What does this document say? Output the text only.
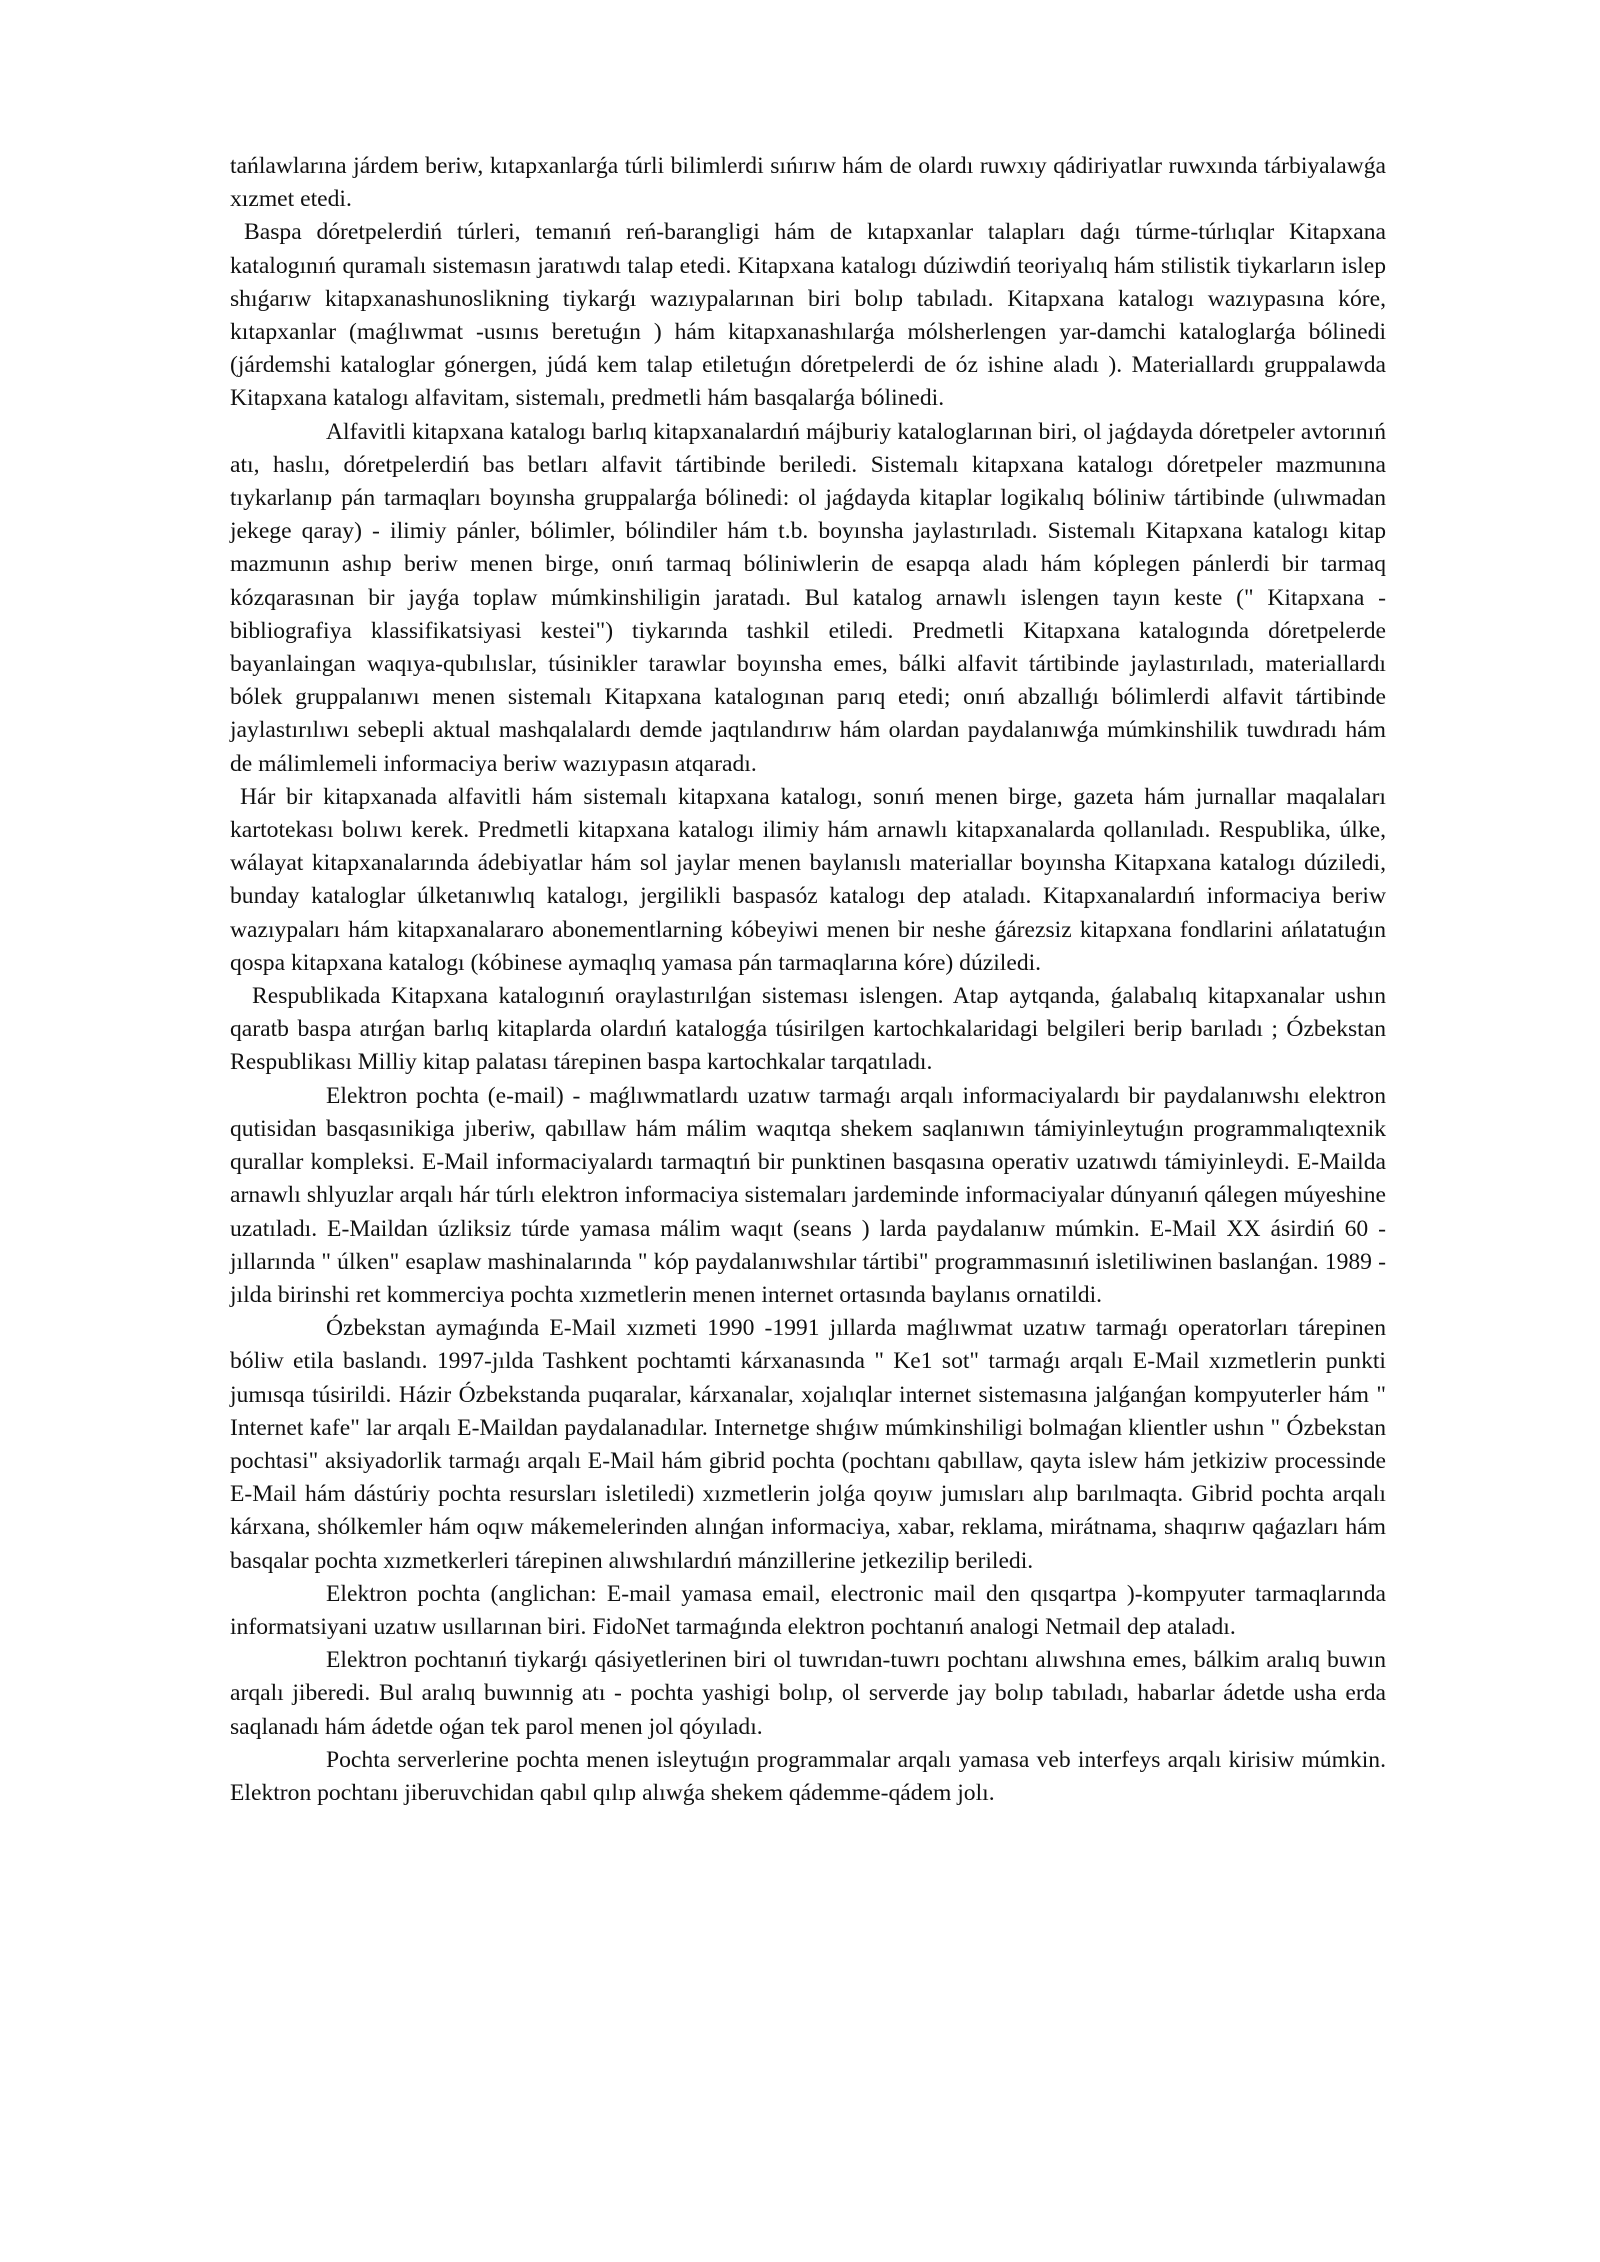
tańlawlarına járdem beriw, kıtapxanlarǵa túrli bilimlerdi sıńırıw hám de olardı ruwxıy qádiriyatlar ruwxında tárbiyalawǵa xızmet etedi.

Baspa dóretpelerdiń túrleri, temanıń reń-barangligi hám de kıtapxanlar talapları daǵı túrme-túrlıqlar Kitapxana katalogınıń quramalı sistemasın jaratıwdı talap etedi. Kitapxana katalogı dúziwdiń teoriyalıq hám stilistik tiykarların islep shıǵarıw kitapxanashunoslikning tiykarǵı wazıypalarınan biri bolıp tabıladı. Kitapxana katalogı wazıypasına kóre, kıtapxanlar (maǵlıwmat -usınıs beretuǵın ) hám kitapxanashılarǵa mólsherlengen yar-damchi kataloglarǵa bólinedi (járdemshi kataloglar gónergen, júdá kem talap etiletuǵın dóretpelerdi de óz ishine aladı ). Materiallardı gruppalawda Kitapxana katalogı alfavitam, sistemalı, predmetli hám basqalarǵa bólinedi.

Alfavitli kitapxana katalogı barlıq kitapxanalardıń májburiy kataloglarınan biri, ol jaǵdayda dóretpeler avtorınıń atı, haslıı, dóretpelerdiń bas betları alfavit tártibinde beriledi. Sistemalı kitapxana katalogı dóretpeler mazmunına tıykarlanıp pán tarmaqları boyınsha gruppalarǵa bólinedi: ol jaǵdayda kitaplar logikalıq bóliniw tártibinde (ulıwmadan jekege qaray) - ilimiy pánler, bólimler, bólindiler hám t.b. boyınsha jaylastırıladı. Sistemalı Kitapxana katalogı kitap mazmunın ashıp beriw menen birge, onıń tarmaq bóliniwlerin de esapqa aladı hám kóplegen pánlerdi bir tarmaq kózqarasınan bir jayǵa toplaw múmkinshiligin jaratadı. Bul katalog arnawlı islengen tayın keste (" Kitapxana -bibliografiya klassifikatsiyasi kestei") tiykarında tashkil etiledi. Predmetli Kitapxana katalogında dóretpelerde bayanlaingan waqıya-qubılıslar, túsinikler tarawlar boyınsha emes, bálki alfavit tártibinde jaylastırıladı, materiallardı bólek gruppalanıwı menen sistemalı Kitapxana katalogınan parıq etedi; onıń abzallıǵı bólimlerdi alfavit tártibinde jaylastırılıwı sebepli aktual mashqalalardı demde jaqtılandırıw hám olardan paydalanıwǵa múmkinshilik tuwdıradı hám de málimlemeli informaciya beriw wazıypasın atqaradı.

Hár bir kitapxanada alfavitli hám sistemalı kitapxana katalogı, sonıń menen birge, gazeta hám jurnallar maqalaları kartotekası bolıwı kerek. Predmetli kitapxana katalogı ilimiy hám arnawlı kitapxanalarda qollanıladı. Respublika, úlke, wálayat kitapxanalarında ádebiyatlar hám sol jaylar menen baylanıslı materiallar boyınsha Kitapxana katalogı dúziledi, bunday kataloglar úlketanıwlıq katalogı, jergilikli baspasóz katalogı dep ataladı. Kitapxanalardıń informaciya beriw wazıypaları hám kitapxanalararo abonementlarning kóbeyiwi menen bir neshe ǵárezsiz kitapxana fondlarini ańlatatuǵın qospa kitapxana katalogı (kóbinese aymaqlıq yamasa pán tarmaqlarına kóre) dúziledi.

Respublikada Kitapxana katalogınıń oraylastırılǵan sisteması islengen. Atap aytqanda, ǵalabalıq kitapxanalar ushın qaratb baspa atırǵan barlıq kitaplarda olardıń katalogǵa túsirilgen kartochkalaridagi belgileri berip barıladı ; Ózbekstan Respublikası Milliy kitap palatası tárepinen baspa kartochkalar tarqatıladı.

Elektron pochta (e-mail) - maǵlıwmatlardı uzatıw tarmaǵı arqalı informaciyalardı bir paydalanıwshı elektron qutisidan basqasınikiga jıberiw, qabıllaw hám málim waqıtqa shekem saqlanıwın támiyinleytuǵın programmalıqtexnik qurallar kompleksi. E-Mail informaciyalardı tarmaqtıń bir punktinen basqasına operativ uzatıwdı támiyinleydi. E-Mailda arnawlı shlyuzlar arqalı hár túrlı elektron informaciya sistemaları jardeminde informaciyalar dúnyanıń qálegen múyeshine uzatıladı. E-Maildan úzliksiz túrde yamasa málim waqıt (seans ) larda paydalanıw múmkin. E-Mail XX ásirdiń 60 -jıllarında " úlken" esaplaw mashinalarında " kóp paydalanıwshılar tártibi" programmasınıń isletiliwinen baslanǵan. 1989 -jılda birinshi ret kommerciya pochta xızmetlerin menen internet ortasında baylanıs ornatildi.

Ózbekstan aymaǵında E-Mail xızmeti 1990 -1991 jıllarda maǵlıwmat uzatıw tarmaǵı operatorları tárepinen bóliw etila baslandı. 1997-jılda Tashkent pochtamti kárxanasında " Ke1 sot" tarmaǵı arqalı E-Mail xızmetlerin punkti jumısqa túsirildi. Házir Ózbekstanda puqaralar, kárxanalar, xojalıqlar internet sistemasına jalǵanǵan kompyuterler hám " Internet kafe" lar arqalı E-Maildan paydalanadılar. Internetge shıǵıw múmkinshiligi bolmaǵan klientler ushın " Ózbekstan pochtasi" aksiyadorlik tarmaǵı arqalı E-Mail hám gibrid pochta (pochtanı qabıllaw, qayta islew hám jetkiziw processinde E-Mail hám dástúriy pochta resursları isletiledi) xızmetlerin jolǵa qoyıw jumısları alıp barılmaqta. Gibrid pochta arqalı kárxana, shólkemler hám oqıw mákemelerinden alınǵan informaciya, xabar, reklama, mirátnama, shaqırıw qaǵazları hám basqalar pochta xızmetkerleri tárepinen alıwshılardıń mánzillerine jetkezilip beriledi.

Elektron pochta (anglichan: E-mail yamasa email, electronic mail den qısqartpa )-kompyuter tarmaqlarında informatsiyani uzatıw usıllarınan biri. FidoNet tarmaǵında elektron pochtanıń analogi Netmail dep ataladı.

Elektron pochtanıń tiykarǵı qásiyetlerinen biri ol tuwrıdan-tuwrı pochtanı alıwshına emes, bálkim aralıq buwın arqalı jiberedi. Bul aralıq buwınnig atı - pochta yashigi bolıp, ol serverde jay bolıp tabıladı, habarlar ádetde usha erda saqlanadı hám ádetde oǵan tek parol menen jol qóyıladı.

Pochta serverlerine pochta menen isleytuǵın programmalar arqalı yamasa veb interfeys arqalı kirisiw múmkin. Elektron pochtanı jiberuvchidan qabıl qılıp alıwǵa shekem qádemme-qádem jolı.
